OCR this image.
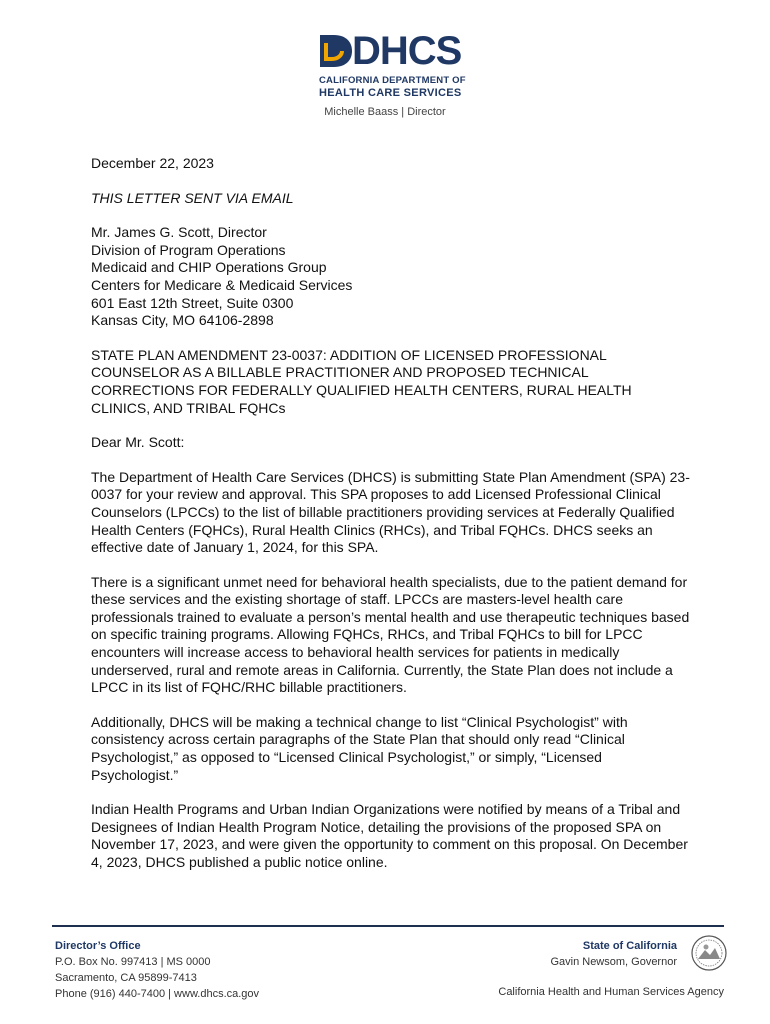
DHCS
CALIFORNIA DEPARTMENT OF
HEALTH CARE SERVICES
Michelle Baass | Director

December 22, 2023

THIS LETTER SENT VIA EMAIL

Mr. James G. Scott, Director
Division of Program Operations
Medicaid and CHIP Operations Group
Centers for Medicare & Medicaid Services
601 East 12th Street, Suite 0300
Kansas City, MO 64106-2898

STATE PLAN AMENDMENT 23-0037: ADDITION OF LICENSED PROFESSIONAL COUNSELOR AS A BILLABLE PRACTITIONER AND PROPOSED TECHNICAL CORRECTIONS FOR FEDERALLY QUALIFIED HEALTH CENTERS, RURAL HEALTH CLINICS, AND TRIBAL FQHCs

Dear Mr. Scott:

The Department of Health Care Services (DHCS) is submitting State Plan Amendment (SPA) 23-0037 for your review and approval. This SPA proposes to add Licensed Professional Clinical Counselors (LPCCs) to the list of billable practitioners providing services at Federally Qualified Health Centers (FQHCs), Rural Health Clinics (RHCs), and Tribal FQHCs. DHCS seeks an effective date of January 1, 2024, for this SPA.

There is a significant unmet need for behavioral health specialists, due to the patient demand for these services and the existing shortage of staff. LPCCs are masters-level health care professionals trained to evaluate a person’s mental health and use therapeutic techniques based on specific training programs. Allowing FQHCs, RHCs, and Tribal FQHCs to bill for LPCC encounters will increase access to behavioral health services for patients in medically underserved, rural and remote areas in California. Currently, the State Plan does not include a LPCC in its list of FQHC/RHC billable practitioners.

Additionally, DHCS will be making a technical change to list “Clinical Psychologist” with consistency across certain paragraphs of the State Plan that should only read “Clinical Psychologist,” as opposed to “Licensed Clinical Psychologist,” or simply, “Licensed Psychologist.”

Indian Health Programs and Urban Indian Organizations were notified by means of a Tribal and Designees of Indian Health Program Notice, detailing the provisions of the proposed SPA on November 17, 2023, and were given the opportunity to comment on this proposal. On December 4, 2023, DHCS published a public notice online.

Director’s Office
P.O. Box No. 997413 | MS 0000
Sacramento, CA 95899-7413
Phone (916) 440-7400 | www.dhcs.ca.gov
State of California
Gavin Newsom, Governor
California Health and Human Services Agency
